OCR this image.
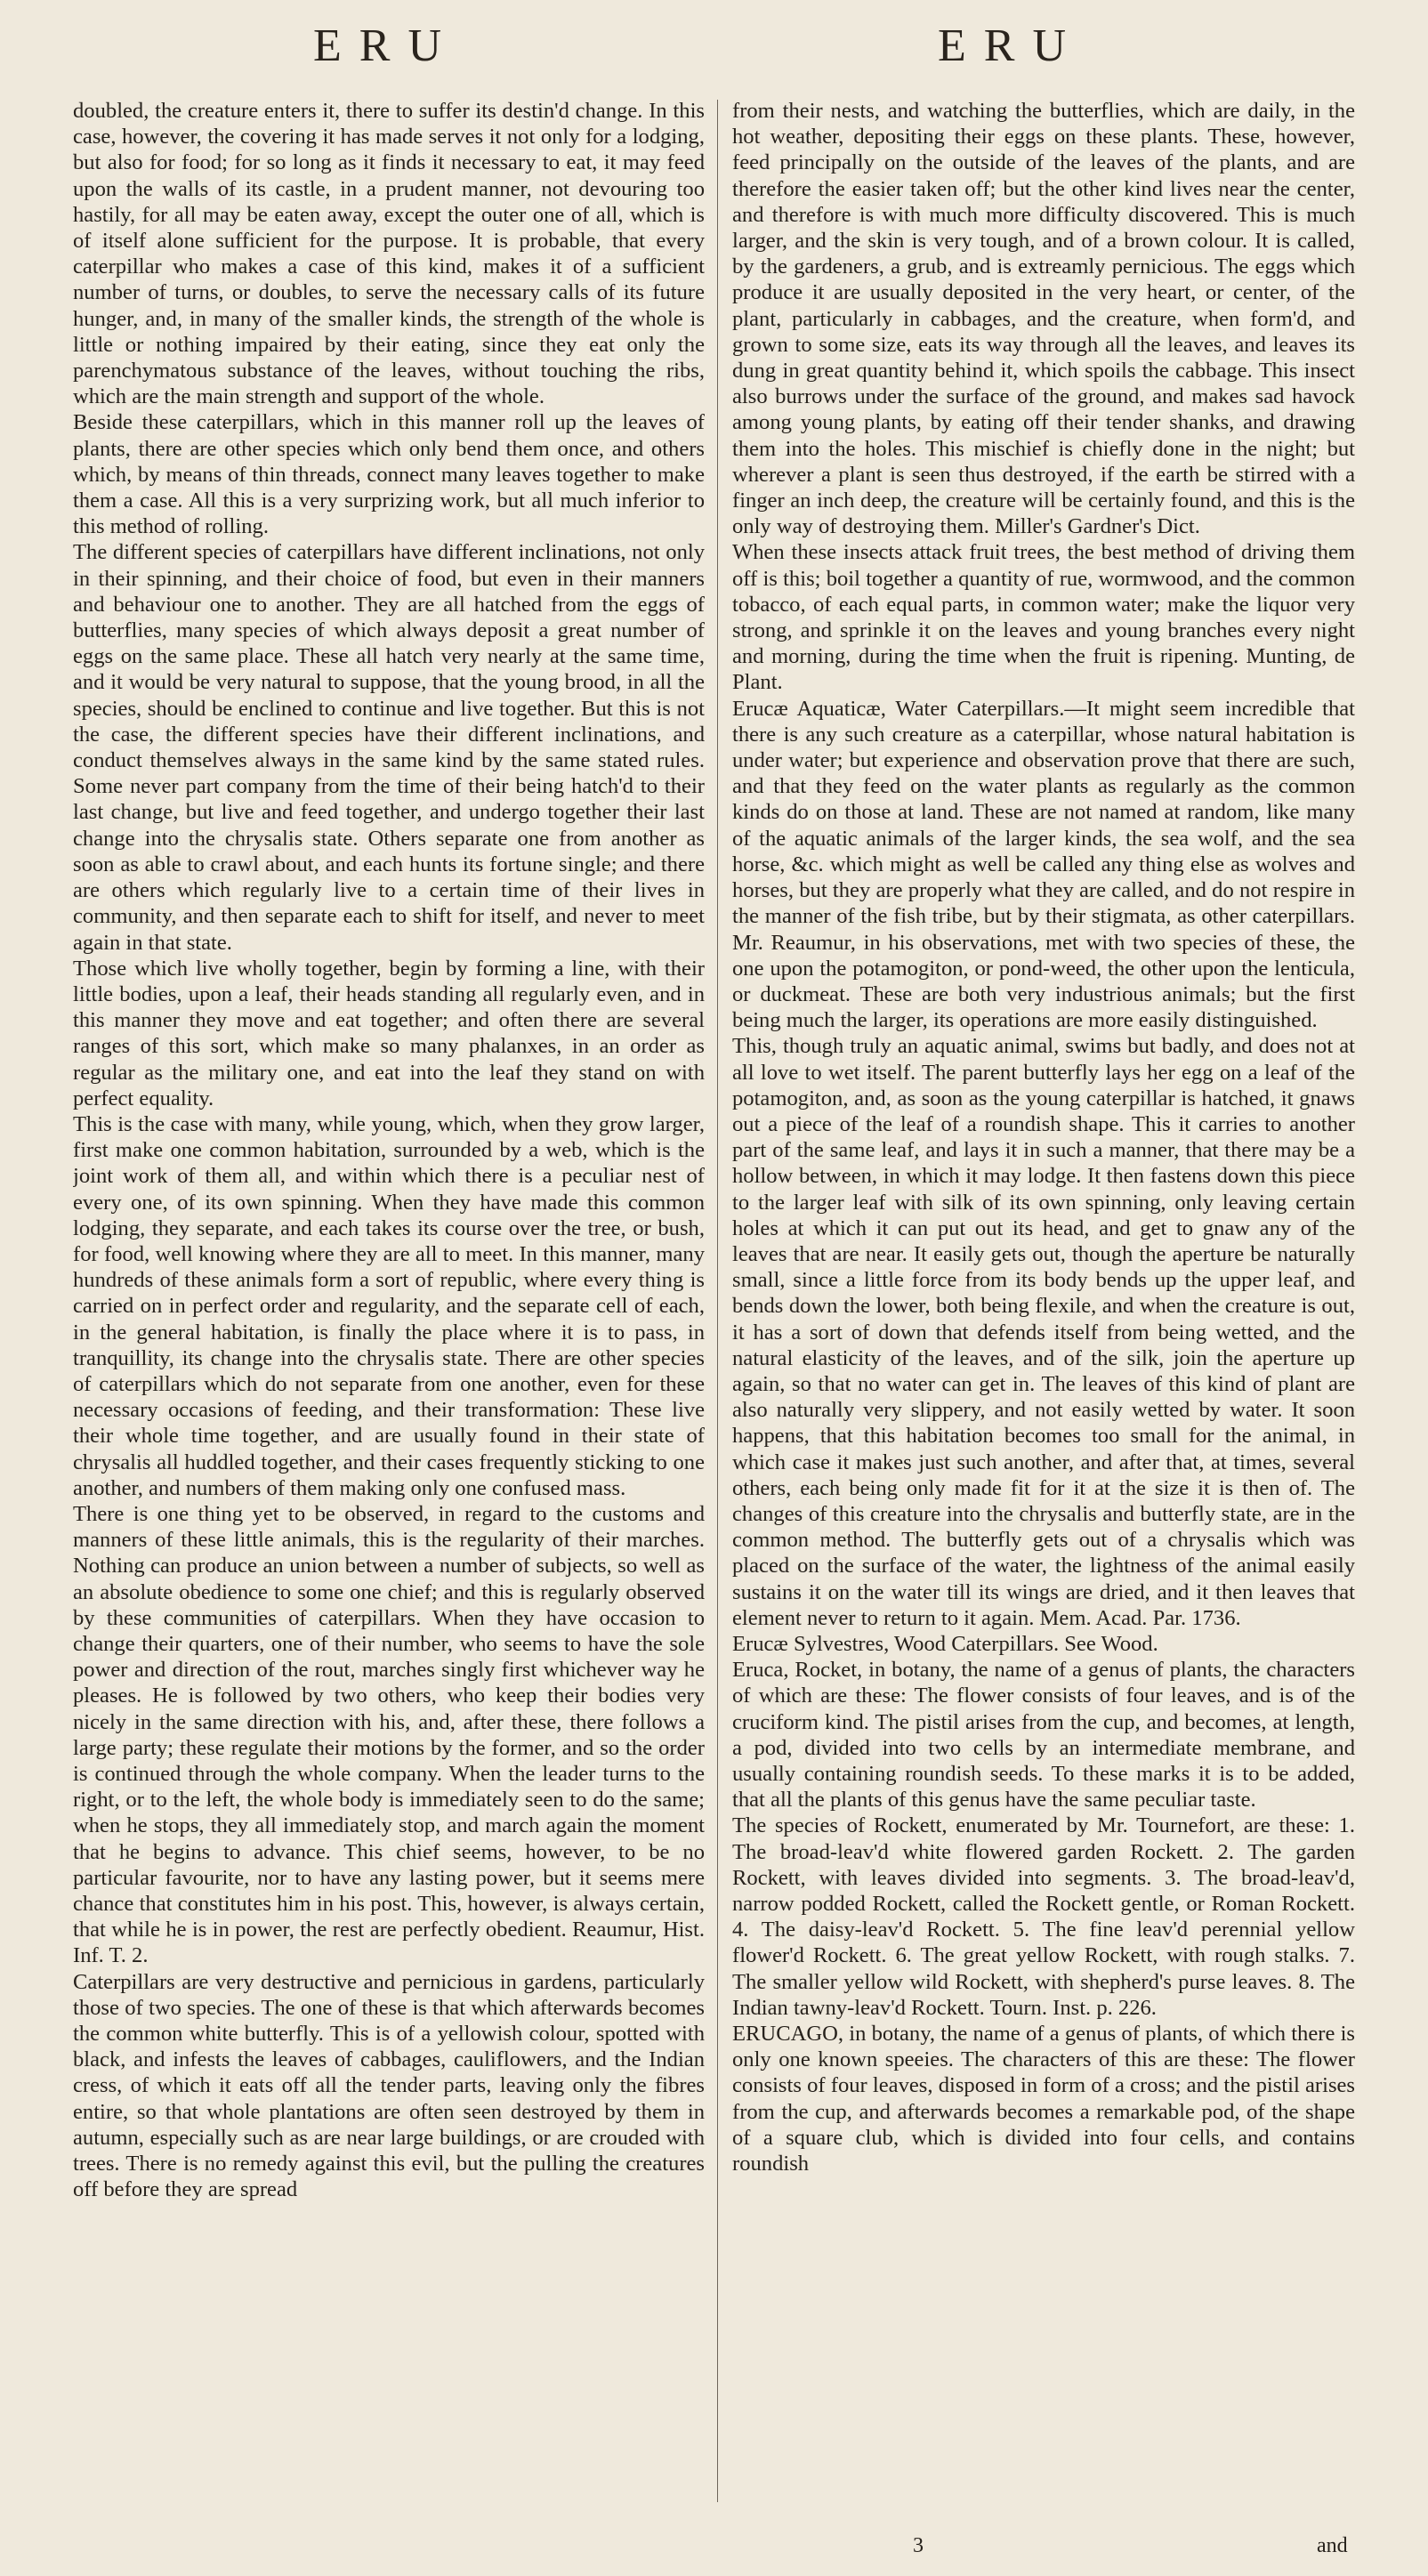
ERU	ERU

doubled, the creature enters it, there to suffer its destin'd change. In this case, however, the covering it has made serves it not only for a lodging, but also for food; for so long as it finds it necessary to eat, it may feed upon the walls of its castle, in a prudent manner, not devouring too hastily, for all may be eaten away, except the outer one of all, which is of itself alone sufficient for the purpose. It is probable, that every caterpillar who makes a case of this kind, makes it of a sufficient number of turns, or doubles, to serve the necessary calls of its future hunger, and, in many of the smaller kinds, the strength of the whole is little or nothing impaired by their eating, since they eat only the parenchymatous substance of the leaves, without touching the ribs, which are the main strength and support of the whole.

Beside these caterpillars, which in this manner roll up the leaves of plants, there are other species which only bend them once, and others which, by means of thin threads, connect many leaves together to make them a case. All this is a very surprizing work, but all much inferior to this method of rolling.

The different species of caterpillars have different inclinations, not only in their spinning, and their choice of food, but even in their manners and behaviour one to another. They are all hatched from the eggs of butterflies, many species of which always deposit a great number of eggs on the same place. These all hatch very nearly at the same time, and it would be very natural to suppose, that the young brood, in all the species, should be enclined to continue and live together. But this is not the case, the different species have their different inclinations, and conduct themselves always in the same kind by the same stated rules. Some never part company from the time of their being hatch'd to their last change, but live and feed together, and undergo together their last change into the chrysalis state. Others separate one from another as soon as able to crawl about, and each hunts its fortune single; and there are others which regularly live to a certain time of their lives in community, and then separate each to shift for itself, and never to meet again in that state.

Those which live wholly together, begin by forming a line, with their little bodies, upon a leaf, their heads standing all regularly even, and in this manner they move and eat together; and often there are several ranges of this sort, which make so many phalanxes, in an order as regular as the military one, and eat into the leaf they stand on with perfect equality.

This is the case with many, while young, which, when they grow larger, first make one common habitation, surrounded by a web, which is the joint work of them all, and within which there is a peculiar nest of every one, of its own spinning. When they have made this common lodging, they separate, and each takes its course over the tree, or bush, for food, well knowing where they are all to meet. In this manner, many hundreds of these animals form a sort of republic, where every thing is carried on in perfect order and regularity, and the separate cell of each, in the general habitation, is finally the place where it is to pass, in tranquillity, its change into the chrysalis state. There are other species of caterpillars which do not separate from one another, even for these necessary occasions of feeding, and their transformation: These live their whole time together, and are usually found in their state of chrysalis all huddled together, and their cases frequently sticking to one another, and numbers of them making only one confused mass.

There is one thing yet to be observed, in regard to the customs and manners of these little animals, this is the regularity of their marches. Nothing can produce an union between a number of subjects, so well as an absolute obedience to some one chief; and this is regularly observed by these communities of caterpillars. When they have occasion to change their quarters, one of their number, who seems to have the sole power and direction of the rout, marches singly first whichever way he pleases. He is followed by two others, who keep their bodies very nicely in the same direction with his, and, after these, there follows a large party; these regulate their motions by the former, and so the order is continued through the whole company. When the leader turns to the right, or to the left, the whole body is immediately seen to do the same; when he stops, they all immediately stop, and march again the moment that he begins to advance. This chief seems, however, to be no particular favourite, nor to have any lasting power, but it seems mere chance that constitutes him in his post. This, however, is always certain, that while he is in power, the rest are perfectly obedient. Reaumur, Hist. Inf. T. 2.

Caterpillars are very destructive and pernicious in gardens, particularly those of two species. The one of these is that which afterwards becomes the common white butterfly. This is of a yellowish colour, spotted with black, and infests the leaves of cabbages, cauliflowers, and the Indian cress, of which it eats off all the tender parts, leaving only the fibres entire, so that whole plantations are often seen destroyed by them in autumn, especially such as are near large buildings, or are crouded with trees. There is no remedy against this evil, but the pulling the creatures off before they are spread

from their nests, and watching the butterflies, which are daily, in the hot weather, depositing their eggs on these plants. These, however, feed principally on the outside of the leaves of the plants, and are therefore the easier taken off; but the other kind lives near the center, and therefore is with much more difficulty discovered. This is much larger, and the skin is very tough, and of a brown colour. It is called, by the gardeners, a grub, and is extreamly pernicious. The eggs which produce it are usually deposited in the very heart, or center, of the plant, particularly in cabbages, and the creature, when form'd, and grown to some size, eats its way through all the leaves, and leaves its dung in great quantity behind it, which spoils the cabbage. This insect also burrows under the surface of the ground, and makes sad havock among young plants, by eating off their tender shanks, and drawing them into the holes. This mischief is chiefly done in the night; but wherever a plant is seen thus destroyed, if the earth be stirred with a finger an inch deep, the creature will be certainly found, and this is the only way of destroying them. Miller's Gardner's Dict.

When these insects attack fruit trees, the best method of driving them off is this; boil together a quantity of rue, wormwood, and the common tobacco, of each equal parts, in common water; make the liquor very strong, and sprinkle it on the leaves and young branches every night and morning, during the time when the fruit is ripening. Munting, de Plant.

Erucæ Aquaticæ, Water Caterpillars.—It might seem incredible that there is any such creature as a caterpillar, whose natural habitation is under water; but experience and observation prove that there are such, and that they feed on the water plants as regularly as the common kinds do on those at land. These are not named at random, like many of the aquatic animals of the larger kinds, the sea wolf, and the sea horse, &c. which might as well be called any thing else as wolves and horses, but they are properly what they are called, and do not respire in the manner of the fish tribe, but by their stigmata, as other caterpillars. Mr. Reaumur, in his observations, met with two species of these, the one upon the potamogiton, or pond-weed, the other upon the lenticula, or duckmeat. These are both very industrious animals; but the first being much the larger, its operations are more easily distinguished.

This, though truly an aquatic animal, swims but badly, and does not at all love to wet itself. The parent butterfly lays her egg on a leaf of the potamogiton, and, as soon as the young caterpillar is hatched, it gnaws out a piece of the leaf of a roundish shape. This it carries to another part of the same leaf, and lays it in such a manner, that there may be a hollow between, in which it may lodge. It then fastens down this piece to the larger leaf with silk of its own spinning, only leaving certain holes at which it can put out its head, and get to gnaw any of the leaves that are near. It easily gets out, though the aperture be naturally small, since a little force from its body bends up the upper leaf, and bends down the lower, both being flexile, and when the creature is out, it has a sort of down that defends itself from being wetted, and the natural elasticity of the leaves, and of the silk, join the aperture up again, so that no water can get in. The leaves of this kind of plant are also naturally very slippery, and not easily wetted by water. It soon happens, that this habitation becomes too small for the animal, in which case it makes just such another, and after that, at times, several others, each being only made fit for it at the size it is then of. The changes of this creature into the chrysalis and butterfly state, are in the common method. The butterfly gets out of a chrysalis which was placed on the surface of the water, the lightness of the animal easily sustains it on the water till its wings are dried, and it then leaves that element never to return to it again. Mem. Acad. Par. 1736.

Erucæ Sylvestres, Wood Caterpillars. See Wood.

Eruca, Rocket, in botany, the name of a genus of plants, the characters of which are these: The flower consists of four leaves, and is of the cruciform kind. The pistil arises from the cup, and becomes, at length, a pod, divided into two cells by an intermediate membrane, and usually containing roundish seeds. To these marks it is to be added, that all the plants of this genus have the same peculiar taste.

The species of Rockett, enumerated by Mr. Tournefort, are these: 1. The broad-leav'd white flowered garden Rockett. 2. The garden Rockett, with leaves divided into segments. 3. The broad-leav'd, narrow podded Rockett, called the Rockett gentle, or Roman Rockett. 4. The daisy-leav'd Rockett. 5. The fine leav'd perennial yellow flower'd Rockett. 6. The great yellow Rockett, with rough stalks. 7. The smaller yellow wild Rockett, with shepherd's purse leaves. 8. The Indian tawny-leav'd Rockett. Tourn. Inst. p. 226.

ERUCAGO, in botany, the name of a genus of plants, of which there is only one known speeies. The characters of this are these: The flower consists of four leaves, disposed in form of a cross; and the pistil arises from the cup, and afterwards becomes a remarkable pod, of the shape of a square club, which is divided into four cells, and contains roundish

3	and
